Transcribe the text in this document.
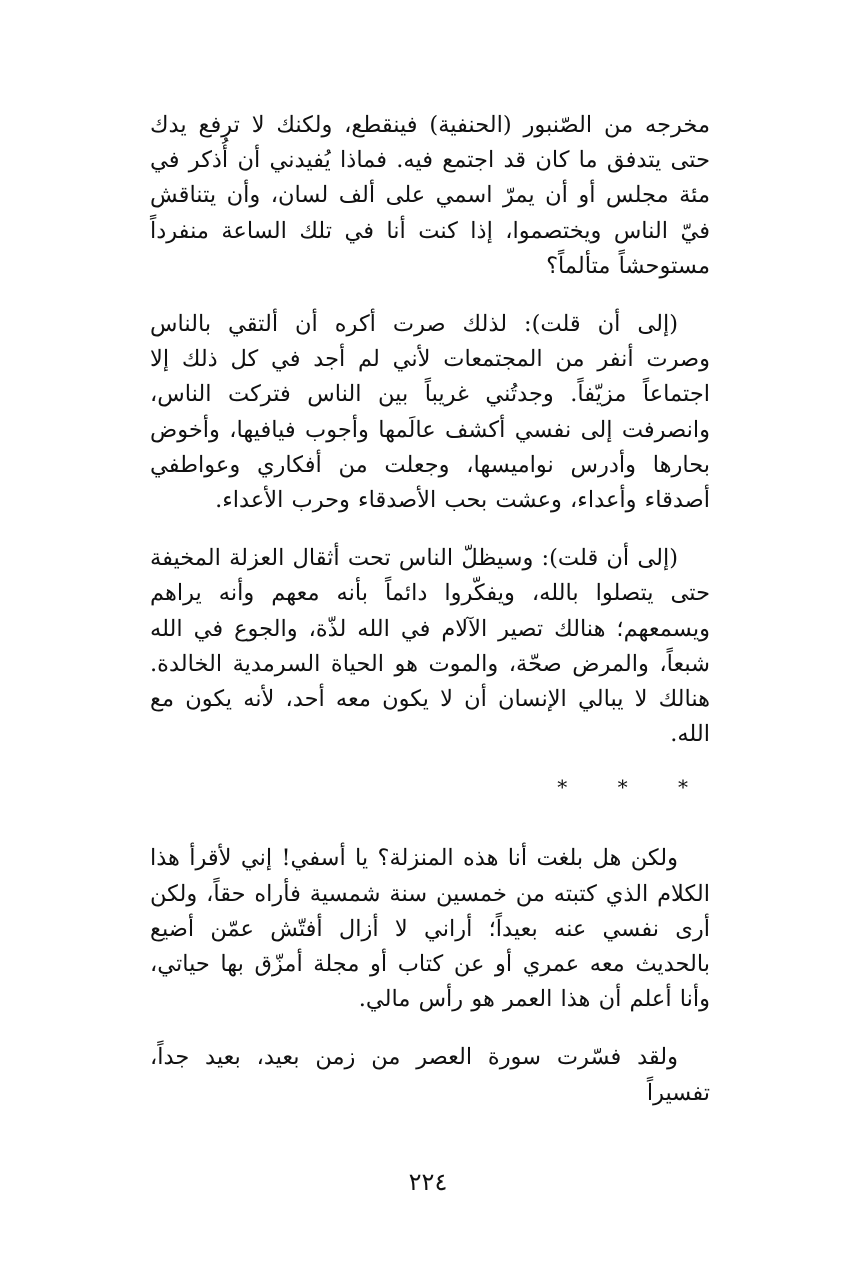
مخرجه من الصّنبور (الحنفية) فينقطع، ولكنك لا ترفع يدك حتى يتدفق ما كان قد اجتمع فيه. فماذا يُفيدني أن أُذكر في مئة مجلس أو أن يمرّ اسمي على ألف لسان، وأن يتناقش فيّ الناس ويختصموا، إذا كنت أنا في تلك الساعة منفرداً مستوحشاً متألماً؟

(إلى أن قلت): لذلك صرت أكره أن ألتقي بالناس وصرت أنفر من المجتمعات لأني لم أجد في كل ذلك إلا اجتماعاً مزيّفاً. وجدتُني غريباً بين الناس فتركت الناس، وانصرفت إلى نفسي أكشف عالَمها وأجوب فيافيها، وأخوض بحارها وأدرس نواميسها، وجعلت من أفكاري وعواطفي أصدقاء وأعداء، وعشت بحب الأصدقاء وحرب الأعداء.

(إلى أن قلت): وسيظلّ الناس تحت أثقال العزلة المخيفة حتى يتصلوا بالله، ويفكّروا دائماً بأنه معهم وأنه يراهم ويسمعهم؛ هنالك تصير الآلام في الله لذّة، والجوع في الله شبعاً، والمرض صحّة، والموت هو الحياة السرمدية الخالدة. هنالك لا يبالي الإنسان أن لا يكون معه أحد، لأنه يكون مع الله.

* * *

ولكن هل بلغت أنا هذه المنزلة؟ يا أسفي! إني لأقرأ هذا الكلام الذي كتبته من خمسين سنة شمسية فأراه حقاً، ولكن أرى نفسي عنه بعيداً؛ أراني لا أزال أفتّش عمّن أضيع بالحديث معه عمري أو عن كتاب أو مجلة أمزّق بها حياتي، وأنا أعلم أن هذا العمر هو رأس مالي.

ولقد فسّرت سورة العصر من زمن بعيد، بعيد جداً، تفسيراً

٢٢٤
